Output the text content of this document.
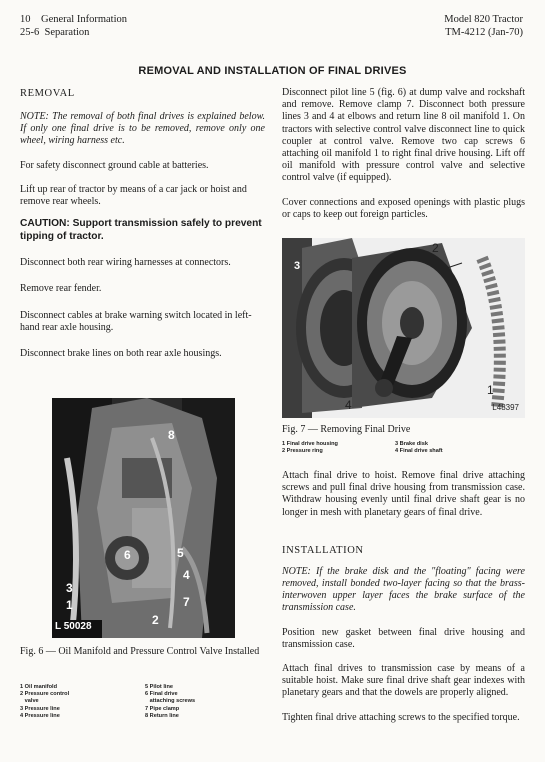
10    General Information
25-6  Separation
Model 820 Tractor
TM-4212 (Jan-70)
REMOVAL AND INSTALLATION OF FINAL DRIVES
REMOVAL
NOTE: The removal of both final drives is explained below. If only one final drive is to be removed, remove only one wheel, wiring harness etc.
For safety disconnect ground cable at batteries.
Lift up rear of tractor by means of a car jack or hoist and remove rear wheels.
CAUTION: Support transmission safely to prevent tipping of tractor.
Disconnect both rear wiring harnesses at connectors.
Remove rear fender.
Disconnect cables at brake warning switch located in left-hand rear axle housing.
Disconnect brake lines on both rear axle housings.
L 50028
8
6	5
4
3
7
1
2
Fig. 6 — Oil Manifold and Pressure Control Valve Installed
1 Oil manifold
2 Pressure control
valve
3 Pressure line
4 Pressure line
5 Pilot line
6 Final drive
attaching screws
7 Pipe clamp
8 Return line
Disconnect pilot line 5 (fig. 6) at dump valve and rockshaft and remove. Remove clamp 7. Disconnect both pressure lines 3 and 4 at elbows and return line 8 oil manifold 1. On tractors with selective control valve disconnect line to quick coupler at control valve. Remove two cap screws 6 attaching oil manifold 1 to right final drive housing. Lift off oil manifold with pressure control valve and selective control valve (if equipped).
Cover connections and exposed openings with plastic plugs or caps to keep out foreign particles.
3
2
1
4	L48397
Fig. 7 — Removing Final Drive
1 Final drive housing
2 Pressure ring
3 Brake disk
4 Final drive shaft
Attach final drive to hoist. Remove final drive attaching screws and pull final drive housing from transmission case. Withdraw housing evenly until final drive shaft gear is no longer in mesh with planetary gears of final drive.
INSTALLATION
NOTE: If the brake disk and the "floating" facing were removed, install bonded two-layer facing so that the brass-interwoven upper layer faces the brake surface of the transmission case.
Position new gasket between final drive housing and transmission case.
Attach final drives to transmission case by means of a suitable hoist. Make sure final drive shaft gear indexes with planetary gears and that the dowels are properly aligned.
Tighten final drive attaching screws to the specified torque.
